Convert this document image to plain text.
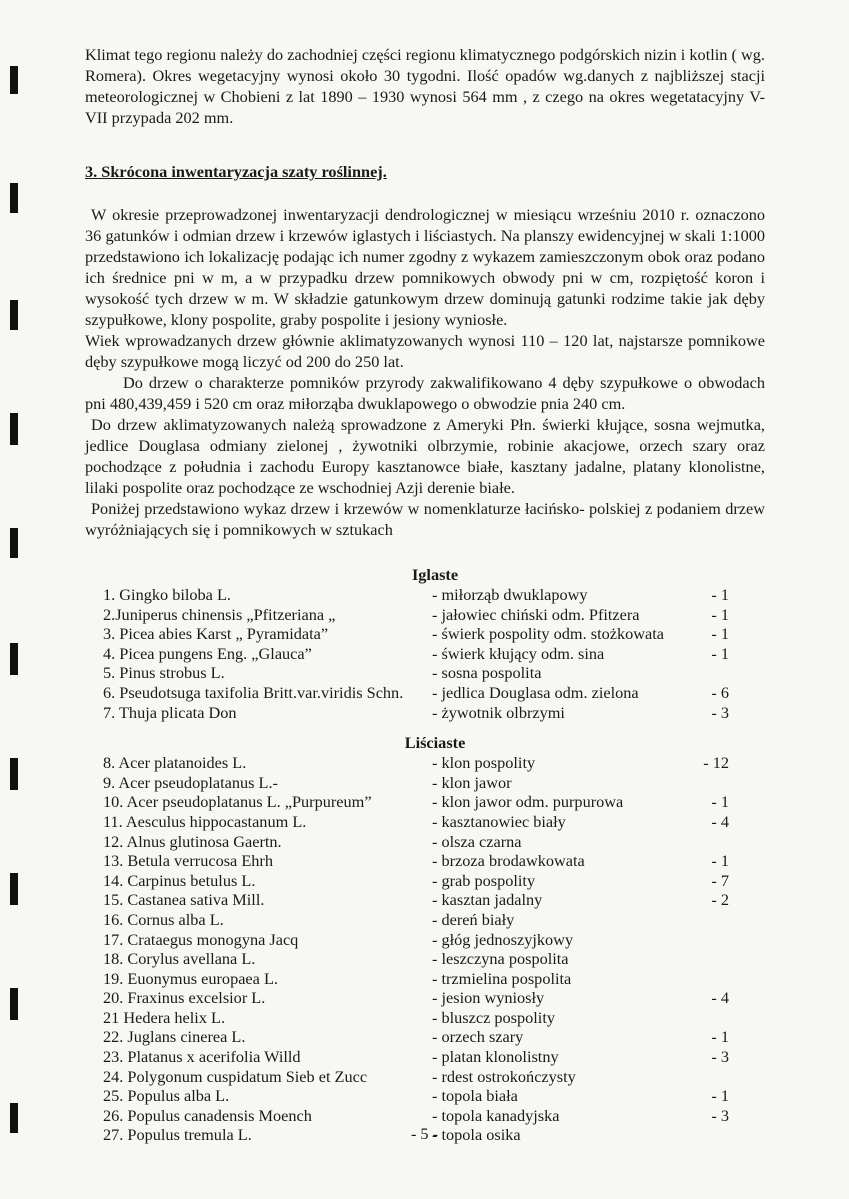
Klimat tego regionu należy do zachodniej części regionu klimatycznego podgórskich nizin i kotlin ( wg. Romera). Okres wegetacyjny wynosi około 30 tygodni. Ilość opadów wg.danych z najbliższej stacji meteorologicznej w Chobieni z lat 1890 – 1930 wynosi 564 mm , z czego na okres wegetatacyjny V- VII przypada 202 mm.

3. Skrócona inwentaryzacja szaty roślinnej.

W okresie przeprowadzonej inwentaryzacji dendrologicznej w miesiącu wrześniu 2010 r. oznaczono 36 gatunków i odmian drzew i krzewów iglastych i liściastych. Na planszy ewidencyjnej w skali 1:1000 przedstawiono ich lokalizację podając ich numer zgodny z wykazem zamieszczonym obok oraz podano ich średnice pni w m, a w przypadku drzew pomnikowych obwody pni w cm, rozpiętość koron i wysokość tych drzew w m. W składzie gatunkowym drzew dominują gatunki rodzime takie jak dęby szypułkowe, klony pospolite, graby pospolite i jesiony wyniosłe.

Wiek wprowadzanych drzew głównie aklimatyzowanych wynosi 110 – 120 lat, najstarsze pomnikowe dęby szypułkowe mogą liczyć od 200 do 250 lat.

Do drzew o charakterze pomników przyrody zakwalifikowano 4 dęby szypułkowe o obwodach pni 480,439,459 i 520 cm oraz miłorząba dwuklapowego o obwodzie pnia 240 cm.

Do drzew aklimatyzowanych należą sprowadzone z Ameryki Płn. świerki kłujące, sosna wejmutka, jedlice Douglasa odmiany zielonej , żywotniki olbrzymie, robinie akacjowe, orzech szary oraz pochodzące z południa i zachodu Europy kasztanowce białe, kasztany jadalne, platany klonolistne, lilaki pospolite oraz pochodzące ze wschodniej Azji derenie białe.

Poniżej przedstawiono wykaz drzew i krzewów w nomenklaturze łacińsko- polskiej z podaniem drzew wyróżniających się i pomnikowych w sztukach

Iglaste

1. Gingko biloba L.	- miłorząb dwuklapowy	- 1
2.Juniperus chinensis „Pfitzeriana „	- jałowiec chiński odm. Pfitzera	- 1
3. Picea abies Karst „ Pyramidata”	- świerk pospolity odm. stożkowata	- 1
4. Picea pungens Eng. „Glauca”	- świerk kłujący odm. sina	- 1
5. Pinus strobus L.	- sosna pospolita
6. Pseudotsuga taxifolia Britt.var.viridis Schn. - jedlica Douglasa odm. zielona	- 6
7. Thuja plicata Don	- żywotnik olbrzymi	- 3

Liściaste

8. Acer platanoides L.	- klon pospolity	- 12
9. Acer pseudoplatanus L.-	- klon jawor
10. Acer pseudoplatanus L. „Purpureum”	- klon jawor odm. purpurowa	- 1
11. Aesculus hippocastanum L.	- kasztanowiec biały	- 4
12. Alnus glutinosa Gaertn.	- olsza czarna
13. Betula verrucosa Ehrh	- brzoza brodawkowata	- 1
14. Carpinus betulus L.	- grab pospolity	- 7
15. Castanea sativa Mill.	- kasztan jadalny	- 2
16. Cornus alba L.	- dereń biały
17. Crataegus monogyna Jacq	- głóg jednoszyjkowy
18. Corylus avellana L.	- leszczyna pospolita
19. Euonymus europaea L.	- trzmielina pospolita
20. Fraxinus excelsior L.	- jesion wyniosły	- 4
21 Hedera helix L.	- bluszcz pospolity
22. Juglans cinerea L.	- orzech szary	- 1
23. Platanus x acerifolia Willd	- platan klonolistny	- 3
24. Polygonum cuspidatum Sieb et Zucc	- rdest ostrokończysty
25. Populus alba L.	- topola biała	- 1
26. Populus canadensis Moench	- topola kanadyjska	- 3
27. Populus tremula L.	- topola osika
- 5 -
